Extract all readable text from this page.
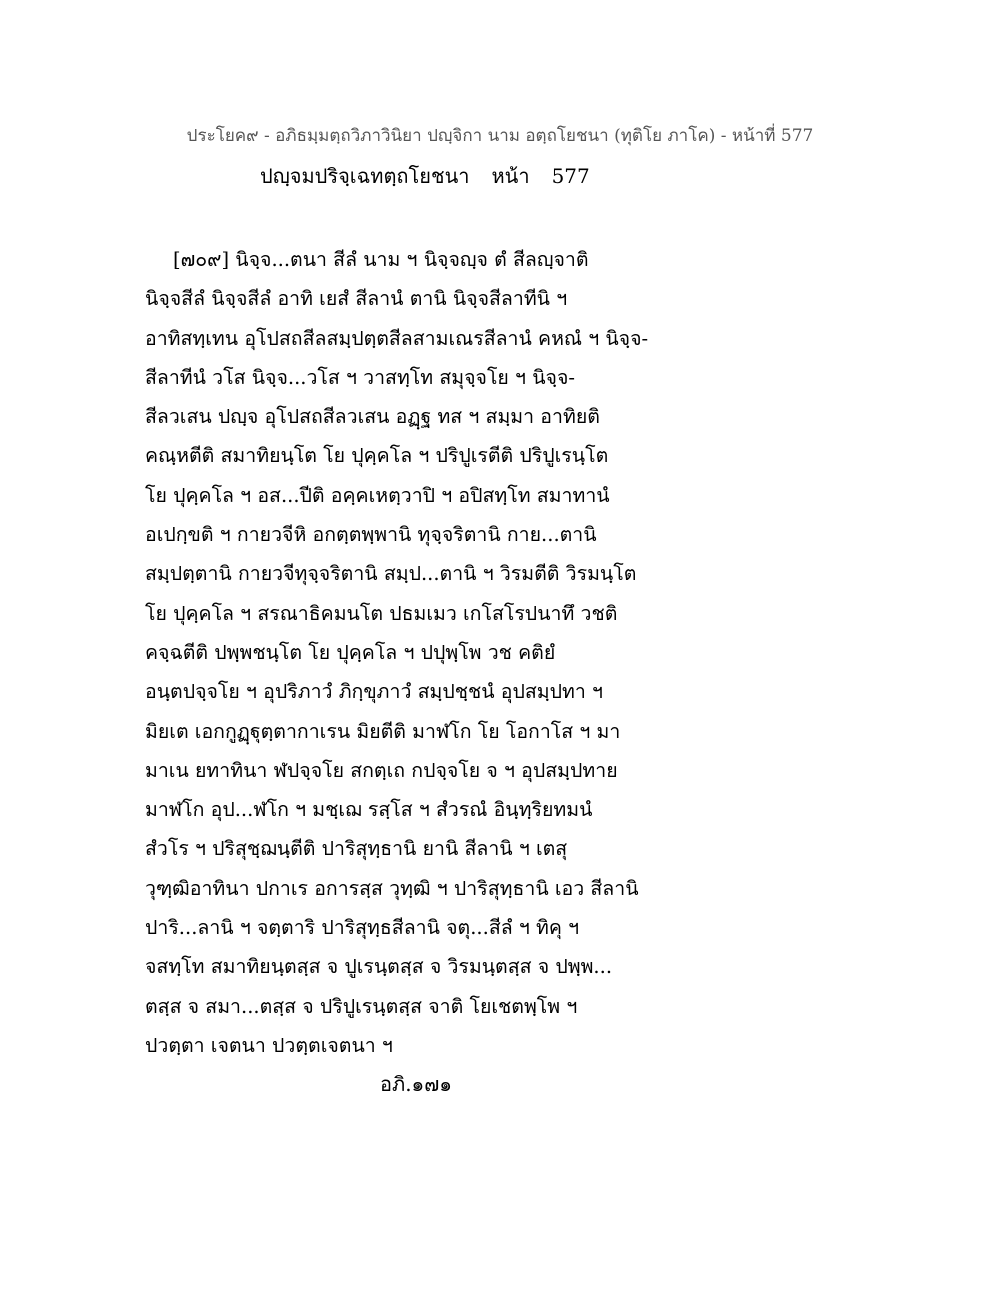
ประโยค๙ - อภิธมฺมตฺถวิภาวินิยา ปญฺจิกา นาม อตฺถโยชนา (ทุติโย ภาโค) - หน้าที่ 577
ปญฺจมปริจฺเฉทตฺถโยชนา หน้า 577
[๗๐๙] นิจฺจ...ตนา สีลํ นาม ฯ นิจฺจญฺจ ตํ สีลญฺจาติ
นิจฺจสีลํ นิจฺจสีลํ อาทิ เยสํ สีลานํ ตานิ นิจฺจสีลาทีนิ ฯ
อาทิสทฺเทน อุโปสถสีลสมฺปตฺตสีลสามเณรสีลานํ คหณํ ฯ นิจฺจ-
สีลาทีนํ วโส นิจฺจ...วโส ฯ วาสทฺโท สมุจฺจโย ฯ นิจฺจ-
สีลวเสน ปญฺจ อุโปสถสีลวเสน อฏฺฐ ทส ฯ สมฺมา อาทิยติ
คณฺหตีติ สมาทิยนฺโต โย ปุคฺคโล ฯ ปริปูเรตีติ ปริปูเรนฺโต
โย ปุคฺคโล ฯ อส...ปีติ อคฺคเหตฺวาปิ ฯ อปิสทฺโท สมาทานํ
อเปกฺขติ ฯ กายวจีหิ อกตฺตพฺพานิ ทุจฺจริตานิ กาย...ตานิ
สมฺปตฺตานิ กายวจีทุจฺจริตานิ สมฺป...ตานิ ฯ วิรมตีติ วิรมนฺโต
โย ปุคฺคโล ฯ สรณาธิคมนโต ปธมเมว เกโสโรปนาทึ วชติ
คจฺฉตีติ ปพฺพชนฺโต โย ปุคฺคโล ฯ ปปุพฺโพ วช คติยํ
อนฺตปจฺจโย ฯ อุปริภาวํ ภิกฺขุภาวํ สมฺปชฺชนํ อุปสมฺปทา ฯ
มิยเต เอกกูฏฺฐุตฺตากาเรน มิยตีติ มาฬโก โย โอกาโส ฯ มา
มาเน ยทาทินา ฬปจฺจโย สกตฺเถ กปจฺจโย จ ฯ อุปสมฺปทาย
มาฬโก อุป...ฬโก ฯ มชฺเฌ รสฺโส ฯ สํวรณํ อินฺทฺริยทมนํ
สํวโร ฯ ปริสุชฺฌนฺตีติ ปาริสุทฺธานิ ยานิ สีลานิ ฯ เตสุ
วุฑฺฒิอาทินา ปกาเร อการสฺส วุทฺฒิ ฯ ปาริสุทฺธานิ เอว สีลานิ
ปาริ...ลานิ ฯ จตฺตาริ ปาริสุทฺธสีลานิ จตุ...สีลํ ฯ ทิคุ ฯ
จสทฺโท สมาทิยนฺตสฺส จ ปูเรนฺตสฺส จ วิรมนฺตสฺส จ ปพฺพ...
ตสฺส จ สมา...ตสฺส จ ปริปูเรนฺตสฺส จาติ โยเชตพฺโพ ฯ
ปวตฺตา เจตนา ปวตฺตเจตนา ฯ
อภิ.๑๗๑
